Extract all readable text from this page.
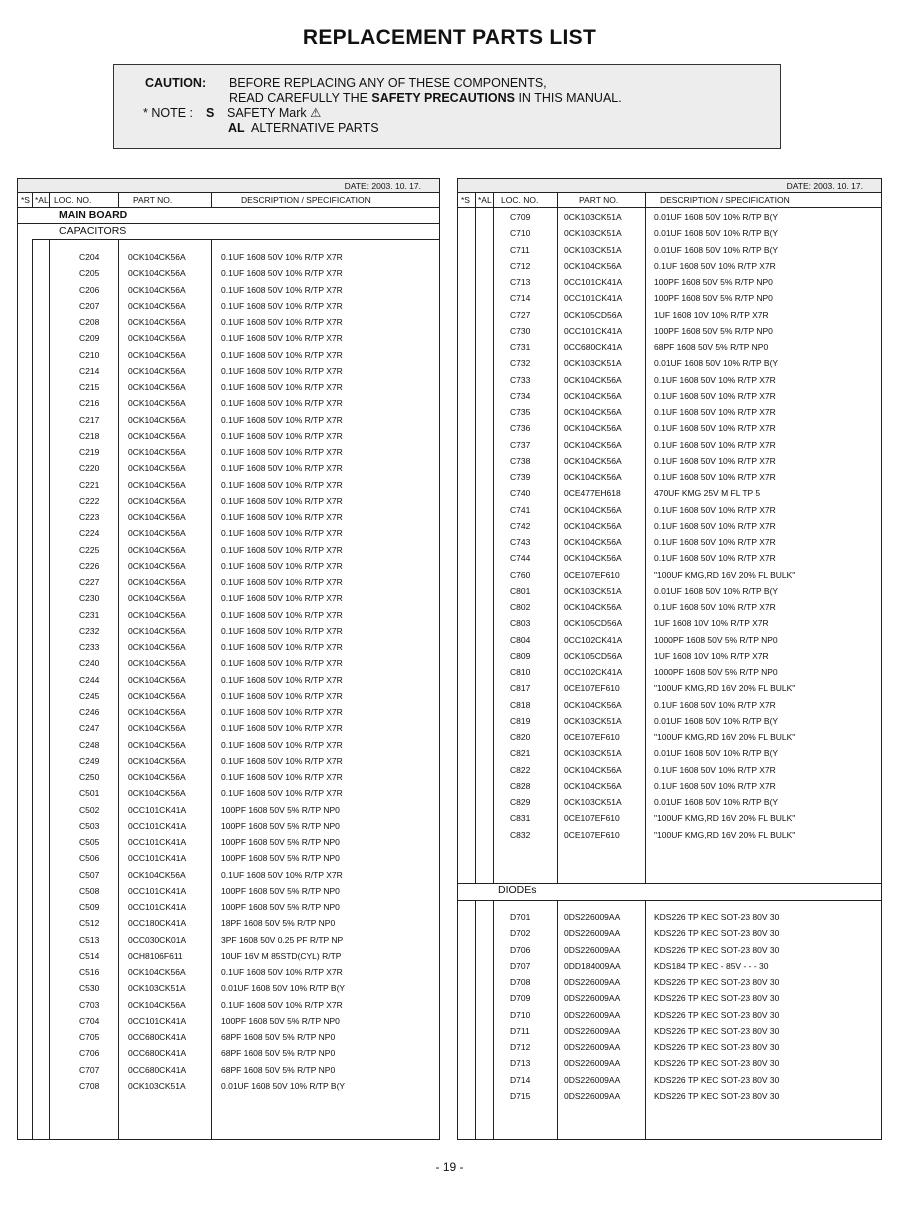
REPLACEMENT PARTS LIST
CAUTION: BEFORE REPLACING ANY OF THESE COMPONENTS,
READ CAREFULLY THE SAFETY PRECAUTIONS IN THIS MANUAL.
* NOTE : S SAFETY Mark ⚠
AL ALTERNATIVE PARTS
DATE: 2003. 10. 17.
*S *AL LOC. NO.	PART NO.	DESCRIPTION / SPECIFICATION
MAIN BOARD
CAPACITORS
C204	0CK104CK56A	0.1UF 1608 50V 10% R/TP X7R
C205	0CK104CK56A	0.1UF 1608 50V 10% R/TP X7R
C206	0CK104CK56A	0.1UF 1608 50V 10% R/TP X7R
C207	0CK104CK56A	0.1UF 1608 50V 10% R/TP X7R
C208	0CK104CK56A	0.1UF 1608 50V 10% R/TP X7R
C209	0CK104CK56A	0.1UF 1608 50V 10% R/TP X7R
C210	0CK104CK56A	0.1UF 1608 50V 10% R/TP X7R
C214	0CK104CK56A	0.1UF 1608 50V 10% R/TP X7R
C215	0CK104CK56A	0.1UF 1608 50V 10% R/TP X7R
C216	0CK104CK56A	0.1UF 1608 50V 10% R/TP X7R
C217	0CK104CK56A	0.1UF 1608 50V 10% R/TP X7R
C218	0CK104CK56A	0.1UF 1608 50V 10% R/TP X7R
C219	0CK104CK56A	0.1UF 1608 50V 10% R/TP X7R
C220	0CK104CK56A	0.1UF 1608 50V 10% R/TP X7R
C221	0CK104CK56A	0.1UF 1608 50V 10% R/TP X7R
C222	0CK104CK56A	0.1UF 1608 50V 10% R/TP X7R
C223	0CK104CK56A	0.1UF 1608 50V 10% R/TP X7R
C224	0CK104CK56A	0.1UF 1608 50V 10% R/TP X7R
C225	0CK104CK56A	0.1UF 1608 50V 10% R/TP X7R
C226	0CK104CK56A	0.1UF 1608 50V 10% R/TP X7R
C227	0CK104CK56A	0.1UF 1608 50V 10% R/TP X7R
C230	0CK104CK56A	0.1UF 1608 50V 10% R/TP X7R
C231	0CK104CK56A	0.1UF 1608 50V 10% R/TP X7R
C232	0CK104CK56A	0.1UF 1608 50V 10% R/TP X7R
C233	0CK104CK56A	0.1UF 1608 50V 10% R/TP X7R
C240	0CK104CK56A	0.1UF 1608 50V 10% R/TP X7R
C244	0CK104CK56A	0.1UF 1608 50V 10% R/TP X7R
C245	0CK104CK56A	0.1UF 1608 50V 10% R/TP X7R
C246	0CK104CK56A	0.1UF 1608 50V 10% R/TP X7R
C247	0CK104CK56A	0.1UF 1608 50V 10% R/TP X7R
C248	0CK104CK56A	0.1UF 1608 50V 10% R/TP X7R
C249	0CK104CK56A	0.1UF 1608 50V 10% R/TP X7R
C250	0CK104CK56A	0.1UF 1608 50V 10% R/TP X7R
C501	0CK104CK56A	0.1UF 1608 50V 10% R/TP X7R
C502	0CC101CK41A	100PF 1608 50V 5% R/TP NP0
C503	0CC101CK41A	100PF 1608 50V 5% R/TP NP0
C505	0CC101CK41A	100PF 1608 50V 5% R/TP NP0
C506	0CC101CK41A	100PF 1608 50V 5% R/TP NP0
C507	0CK104CK56A	0.1UF 1608 50V 10% R/TP X7R
C508	0CC101CK41A	100PF 1608 50V 5% R/TP NP0
C509	0CC101CK41A	100PF 1608 50V 5% R/TP NP0
C512	0CC180CK41A	18PF 1608 50V 5% R/TP NP0
C513	0CC030CK01A	3PF 1608 50V 0.25 PF R/TP NP
C514	0CH8106F611	10UF 16V M 85STD(CYL) R/TP
C516	0CK104CK56A	0.1UF 1608 50V 10% R/TP X7R
C530	0CK103CK51A	0.01UF 1608 50V 10% R/TP B(Y
C703	0CK104CK56A	0.1UF 1608 50V 10% R/TP X7R
C704	0CC101CK41A	100PF 1608 50V 5% R/TP NP0
C705	0CC680CK41A	68PF 1608 50V 5% R/TP NP0
C706	0CC680CK41A	68PF 1608 50V 5% R/TP NP0
C707	0CC680CK41A	68PF 1608 50V 5% R/TP NP0
C708	0CK103CK51A	0.01UF 1608 50V 10% R/TP B(Y
DATE: 2003. 10. 17.
*S *AL LOC. NO.	PART NO.	DESCRIPTION / SPECIFICATION
C709	0CK103CK51A	0.01UF 1608 50V 10% R/TP B(Y
C710	0CK103CK51A	0.01UF 1608 50V 10% R/TP B(Y
C711	0CK103CK51A	0.01UF 1608 50V 10% R/TP B(Y
C712	0CK104CK56A	0.1UF 1608 50V 10% R/TP X7R
C713	0CC101CK41A	100PF 1608 50V 5% R/TP NP0
C714	0CC101CK41A	100PF 1608 50V 5% R/TP NP0
C727	0CK105CD56A	1UF 1608 10V 10% R/TP X7R
C730	0CC101CK41A	100PF 1608 50V 5% R/TP NP0
C731	0CC680CK41A	68PF 1608 50V 5% R/TP NP0
C732	0CK103CK51A	0.01UF 1608 50V 10% R/TP B(Y
C733	0CK104CK56A	0.1UF 1608 50V 10% R/TP X7R
C734	0CK104CK56A	0.1UF 1608 50V 10% R/TP X7R
C735	0CK104CK56A	0.1UF 1608 50V 10% R/TP X7R
C736	0CK104CK56A	0.1UF 1608 50V 10% R/TP X7R
C737	0CK104CK56A	0.1UF 1608 50V 10% R/TP X7R
C738	0CK104CK56A	0.1UF 1608 50V 10% R/TP X7R
C739	0CK104CK56A	0.1UF 1608 50V 10% R/TP X7R
C740	0CE477EH618	470UF KMG 25V M FL TP 5
C741	0CK104CK56A	0.1UF 1608 50V 10% R/TP X7R
C742	0CK104CK56A	0.1UF 1608 50V 10% R/TP X7R
C743	0CK104CK56A	0.1UF 1608 50V 10% R/TP X7R
C744	0CK104CK56A	0.1UF 1608 50V 10% R/TP X7R
C760	0CE107EF610	"100UF KMG,RD 16V 20% FL BULK"
C801	0CK103CK51A	0.01UF 1608 50V 10% R/TP B(Y
C802	0CK104CK56A	0.1UF 1608 50V 10% R/TP X7R
C803	0CK105CD56A	1UF 1608 10V 10% R/TP X7R
C804	0CC102CK41A	1000PF 1608 50V 5% R/TP NP0
C809	0CK105CD56A	1UF 1608 10V 10% R/TP X7R
C810	0CC102CK41A	1000PF 1608 50V 5% R/TP NP0
C817	0CE107EF610	"100UF KMG,RD 16V 20% FL BULK"
C818	0CK104CK56A	0.1UF 1608 50V 10% R/TP X7R
C819	0CK103CK51A	0.01UF 1608 50V 10% R/TP B(Y
C820	0CE107EF610	"100UF KMG,RD 16V 20% FL BULK"
C821	0CK103CK51A	0.01UF 1608 50V 10% R/TP B(Y
C822	0CK104CK56A	0.1UF 1608 50V 10% R/TP X7R
C828	0CK104CK56A	0.1UF 1608 50V 10% R/TP X7R
C829	0CK103CK51A	0.01UF 1608 50V 10% R/TP B(Y
C831	0CE107EF610	"100UF KMG,RD 16V 20% FL BULK"
C832	0CE107EF610	"100UF KMG,RD 16V 20% FL BULK"
DIODEs
D701	0DS226009AA	KDS226 TP KEC SOT-23 80V 30
D702	0DS226009AA	KDS226 TP KEC SOT-23 80V 30
D706	0DS226009AA	KDS226 TP KEC SOT-23 80V 30
D707	0DD184009AA	KDS184 TP KEC - 85V - - - 30
D708	0DS226009AA	KDS226 TP KEC SOT-23 80V 30
D709	0DS226009AA	KDS226 TP KEC SOT-23 80V 30
D710	0DS226009AA	KDS226 TP KEC SOT-23 80V 30
D711	0DS226009AA	KDS226 TP KEC SOT-23 80V 30
D712	0DS226009AA	KDS226 TP KEC SOT-23 80V 30
D713	0DS226009AA	KDS226 TP KEC SOT-23 80V 30
D714	0DS226009AA	KDS226 TP KEC SOT-23 80V 30
D715	0DS226009AA	KDS226 TP KEC SOT-23 80V 30
- 19 -
